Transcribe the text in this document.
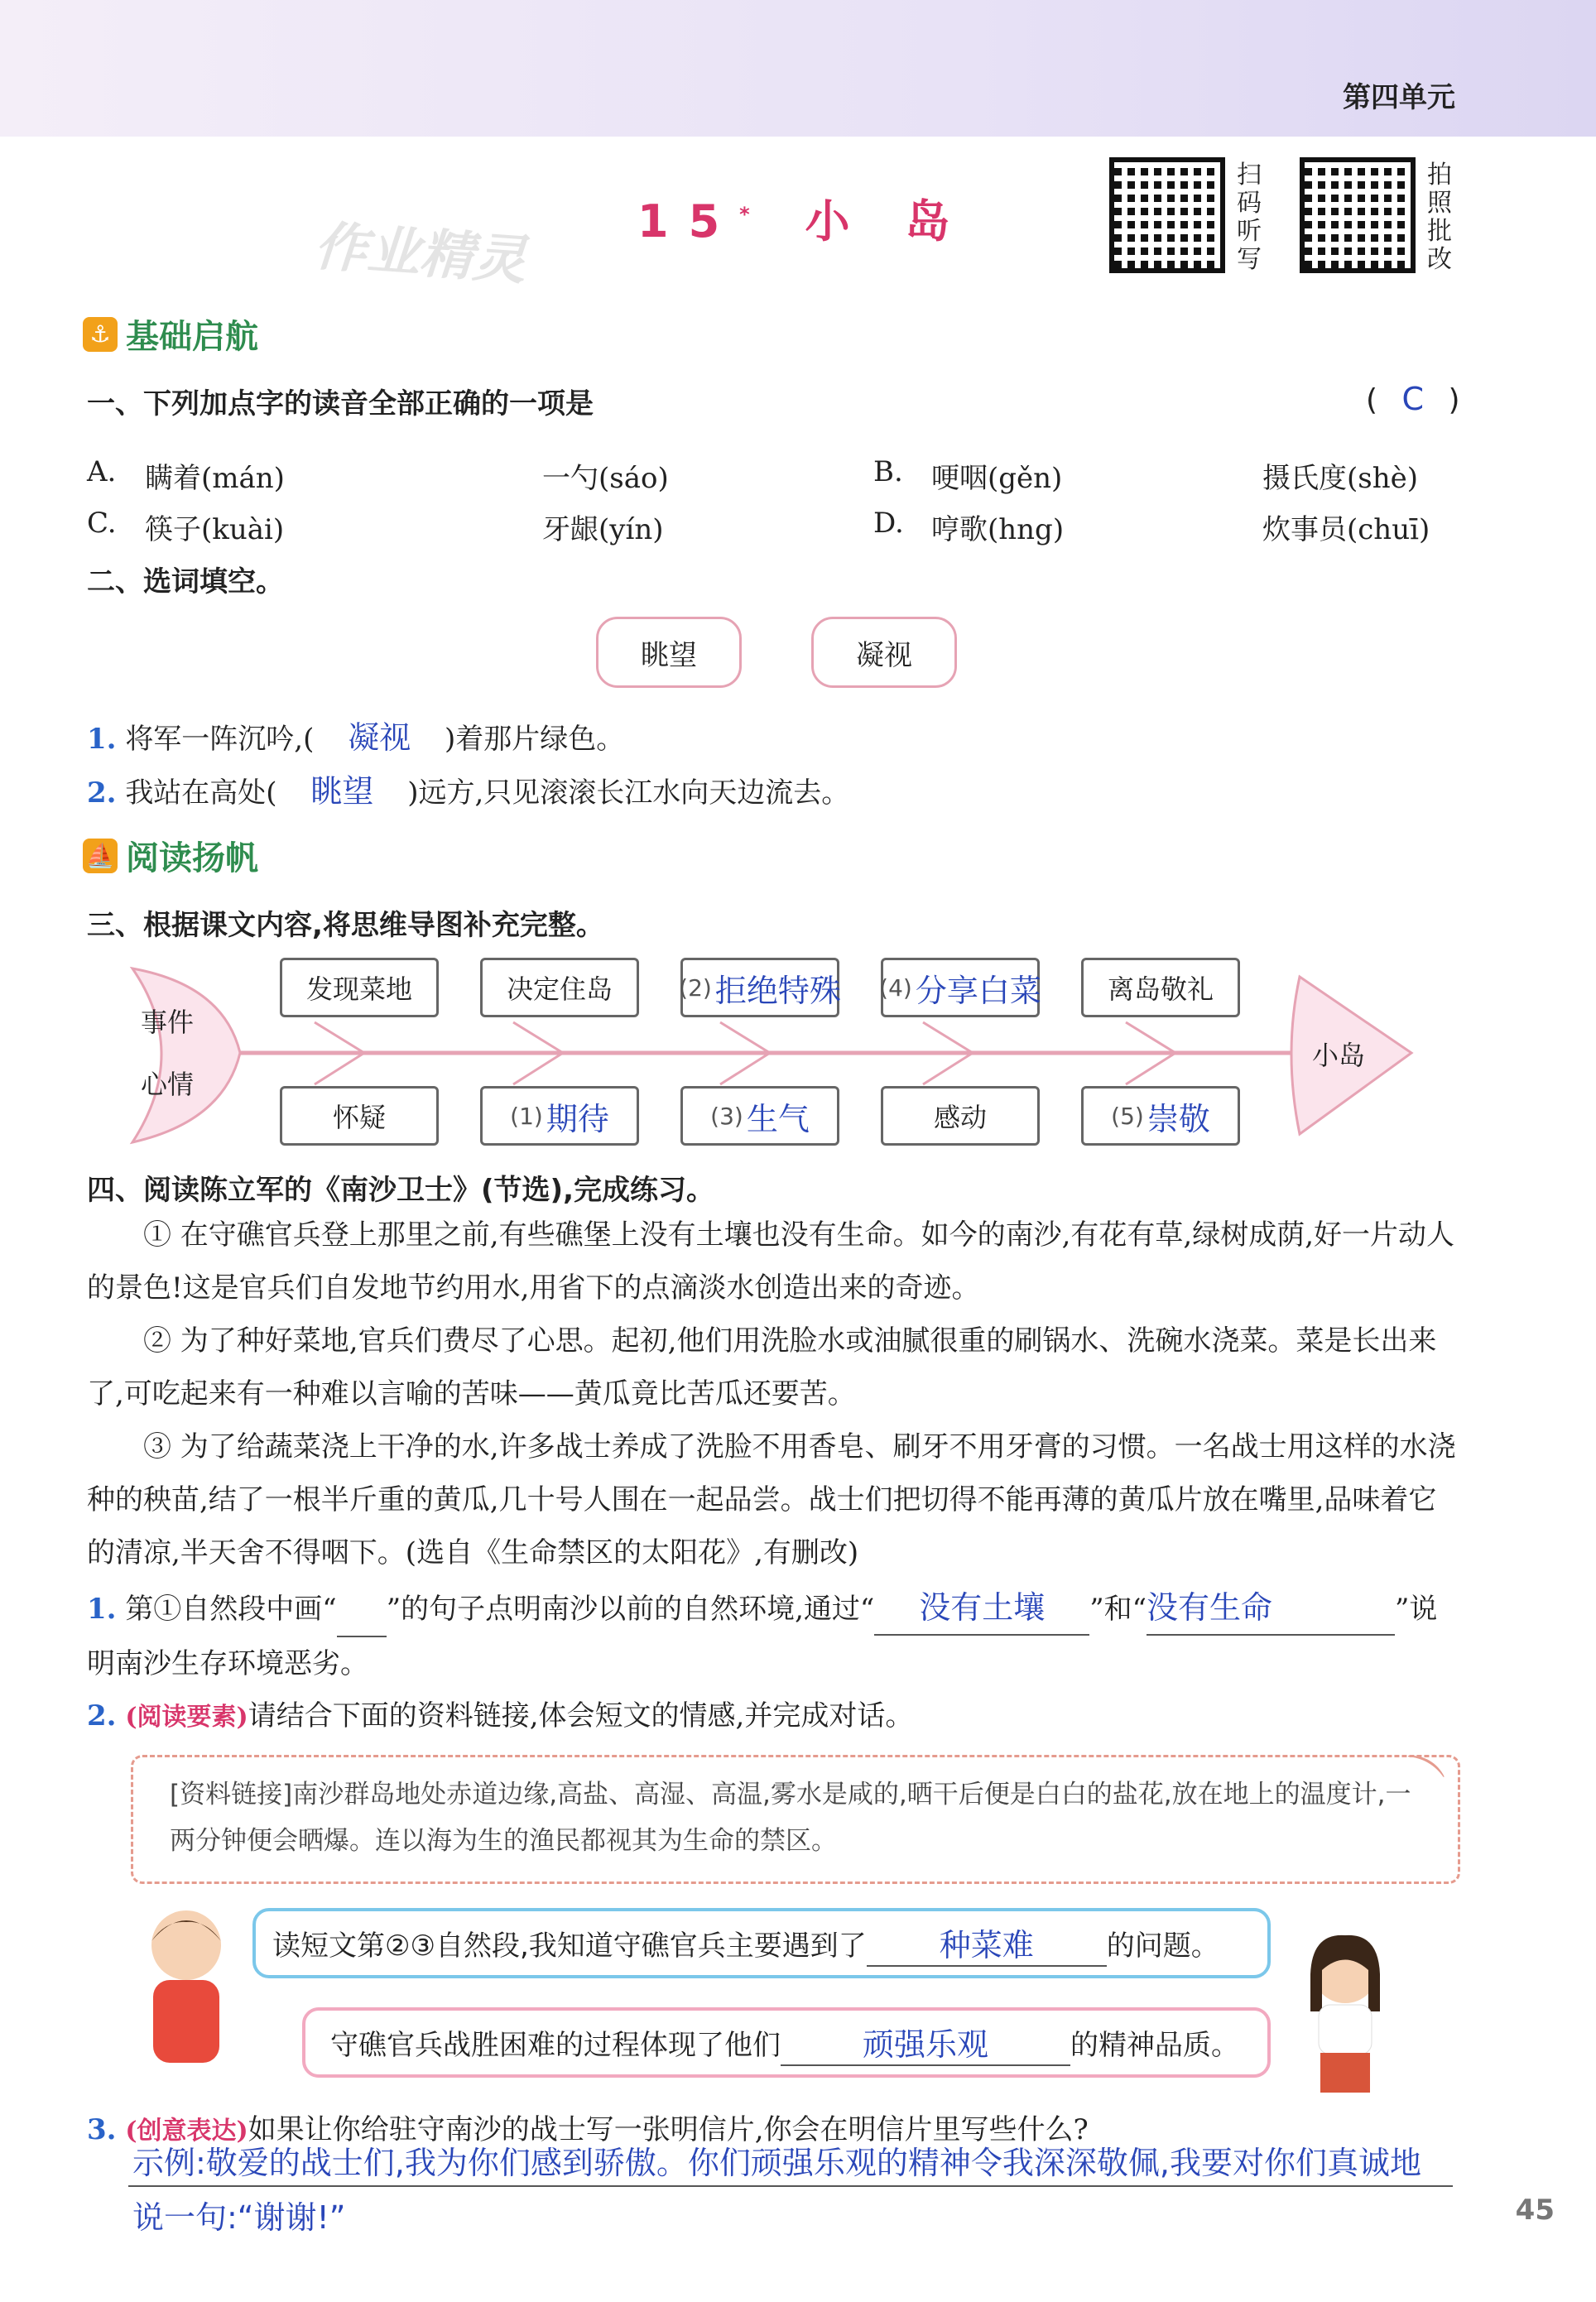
第四单元
扫码听写
拍照批改
作业精灵 15* 小 岛
⚓ 基础启航
一、下列加点字的读音全部正确的一项是	( C )
A.	瞒着(mán)	一勺(sáo)	B.	哽咽(gěn)	摄氏度(shè)
C.	筷子(kuài)	牙龈(yín)	D. 哼歌(hng)	炊事员(chuī)
二、选词填空。
眺望	凝视
1. 将军一阵沉吟,( 凝视 )着那片绿色。
2. 我站在高处( 眺望 )远方,只见滚滚长江水向天边流去。
⛵ 阅读扬帆
三、根据课文内容,将思维导图补充完整。
事件
心情
小岛
发现菜地	决定住岛	(2) 拒绝特殊 (4) 分享白菜	离岛敬礼
怀疑	(1) 期待	(3) 生气	感动	(5) 崇敬
四、阅读陈立军的《南沙卫士》(节选),完成练习。
① 在守礁官兵登上那里之前,有些礁堡上没有土壤也没有生命。如今的南沙,有花有草,绿树成荫,好一片动人的景色!这是官兵们自发地节约用水,用省下的点滴淡水创造出来的奇迹。
② 为了种好菜地,官兵们费尽了心思。起初,他们用洗脸水或油腻很重的刷锅水、洗碗水浇菜。菜是长出来了,可吃起来有一种难以言喻的苦味——黄瓜竟比苦瓜还要苦。
③ 为了给蔬菜浇上干净的水,许多战士养成了洗脸不用香皂、刷牙不用牙膏的习惯。一名战士用这样的水浇种的秧苗,结了一根半斤重的黄瓜,几十号人围在一起品尝。战士们把切得不能再薄的黄瓜片放在嘴里,品味着它的清凉,半天舍不得咽下。(选自《生命禁区的太阳花》,有删改)
1. 第①自然段中画“ ”的句子点明南沙以前的自然环境,通过“ 没有土壤 ”和“没有生命	”说明南沙生存环境恶劣。
2. (阅读要素)请结合下面的资料链接,体会短文的情感,并完成对话。
⌒
[资料链接]南沙群岛地处赤道边缘,高盐、高湿、高温,雾水是咸的,晒干后便是白白的盐花,放在地上的温度计,一两分钟便会晒爆。连以海为生的渔民都视其为生命的禁区。
读短文第②③自然段,我知道守礁官兵主要遇到了	种菜难	的问题。
守礁官兵战胜困难的过程体现了他们	顽强乐观	的精神品质。
3. (创意表达)如果让你给驻守南沙的战士写一张明信片,你会在明信片里写些什么?
示例:敬爱的战士们,我为你们感到骄傲。你们顽强乐观的精神令我深深敬佩,我要对你们真诚地说一句:“谢谢!”	45
